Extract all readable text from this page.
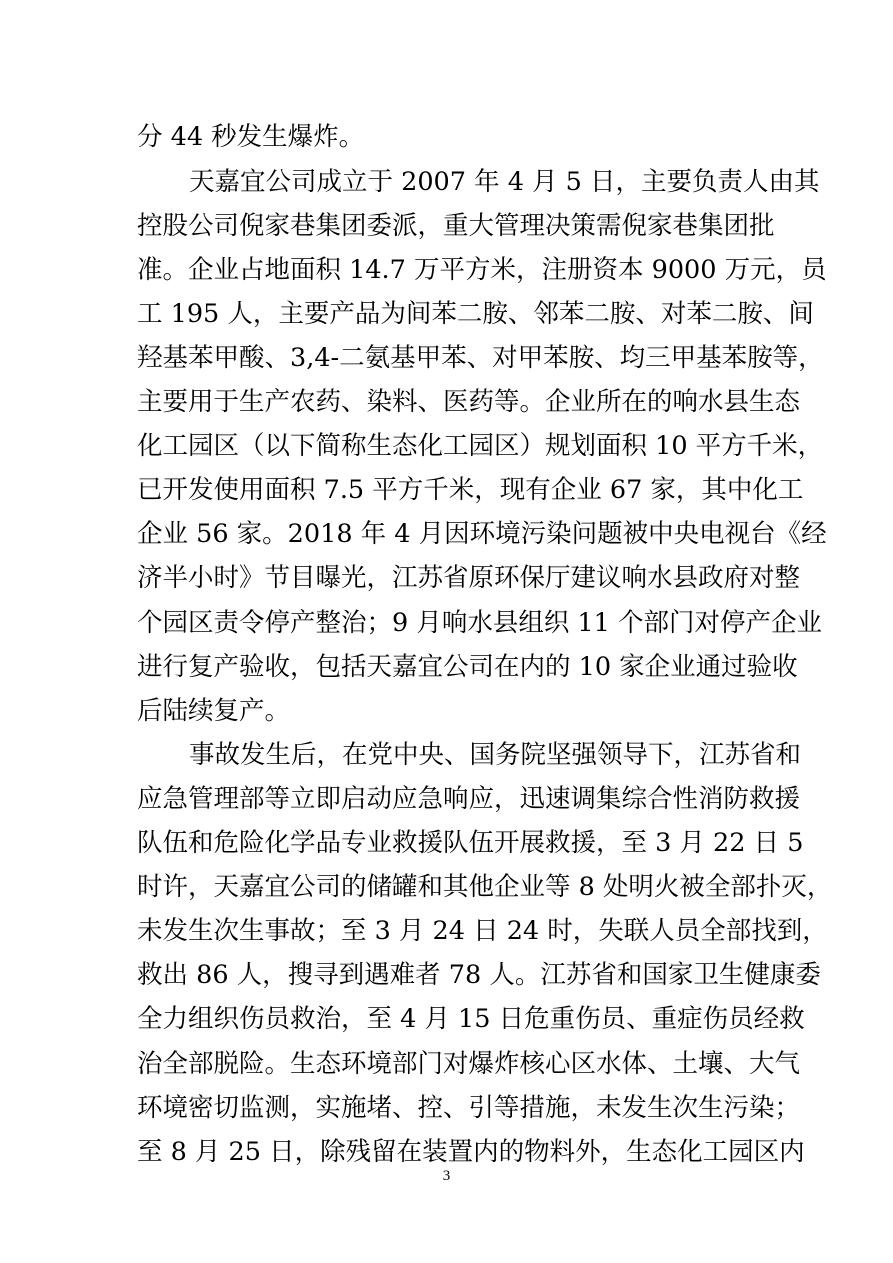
分 44 秒发生爆炸。
天嘉宜公司成立于 2007 年 4 月 5 日，主要负责人由其
控股公司倪家巷集团委派，重大管理决策需倪家巷集团批
准。企业占地面积 14.7 万平方米，注册资本 9000 万元，员
工 195 人，主要产品为间苯二胺、邻苯二胺、对苯二胺、间
羟基苯甲酸、3,4-二氨基甲苯、对甲苯胺、均三甲基苯胺等，
主要用于生产农药、染料、医药等。企业所在的响水县生态
化工园区（以下简称生态化工园区）规划面积 10 平方千米，
已开发使用面积 7.5 平方千米，现有企业 67 家，其中化工
企业 56 家。2018 年 4 月因环境污染问题被中央电视台《经
济半小时》节目曝光，江苏省原环保厅建议响水县政府对整
个园区责令停产整治；9 月响水县组织 11 个部门对停产企业
进行复产验收，包括天嘉宜公司在内的 10 家企业通过验收
后陆续复产。
事故发生后，在党中央、国务院坚强领导下，江苏省和
应急管理部等立即启动应急响应，迅速调集综合性消防救援
队伍和危险化学品专业救援队伍开展救援，至 3 月 22 日 5
时许，天嘉宜公司的储罐和其他企业等 8 处明火被全部扑灭，
未发生次生事故；至 3 月 24 日 24 时，失联人员全部找到，
救出 86 人，搜寻到遇难者 78 人。江苏省和国家卫生健康委
全力组织伤员救治，至 4 月 15 日危重伤员、重症伤员经救
治全部脱险。生态环境部门对爆炸核心区水体、土壤、大气
环境密切监测，实施堵、控、引等措施，未发生次生污染；
至 8 月 25 日，除残留在装置内的物料外，生态化工园区内
3
